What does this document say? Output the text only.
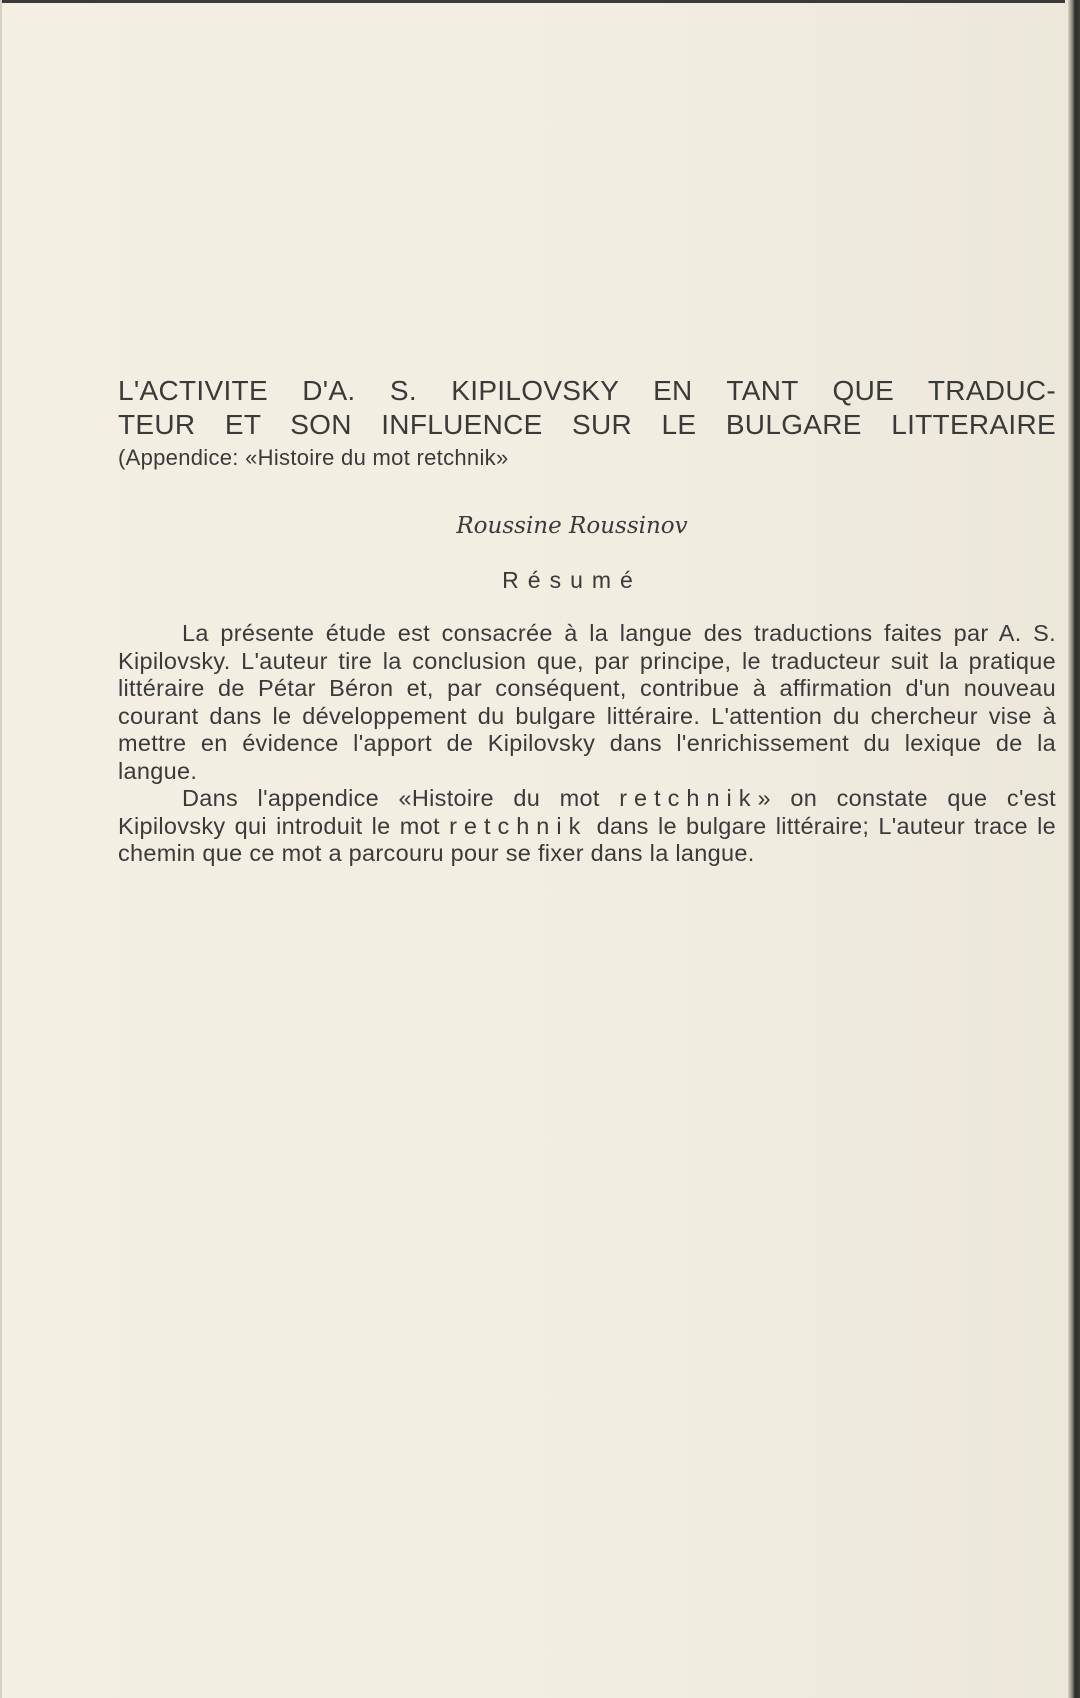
L'ACTIVITE D'A. S. KIPILOVSKY EN TANT QUE TRADUC-
TEUR ET SON INFLUENCE SUR LE BULGARE LITTERAIRE

(Appendice: «Histoire du mot retchnik»

Roussine Roussinov

Résumé

La présente étude est consacrée à la langue des traductions faites par A. S. Kipilovsky. L'auteur tire la conclusion que, par principe, le traducteur suit la pratique littéraire de Pétar Béron et, par conséquent, contribue à affirmation d'un nouveau courant dans le développement du bulgare littéraire. L'attention du chercheur vise à mettre en évidence l'apport de Kipilovsky dans l'enrichissement du lexique de la langue.

Dans l'appendice «Histoire du mot retchnik» on constate que c'est Kipilovsky qui introduit le mot retchnik dans le bulgare littéraire; L'auteur trace le chemin que ce mot a parcouru pour se fixer dans la langue.
